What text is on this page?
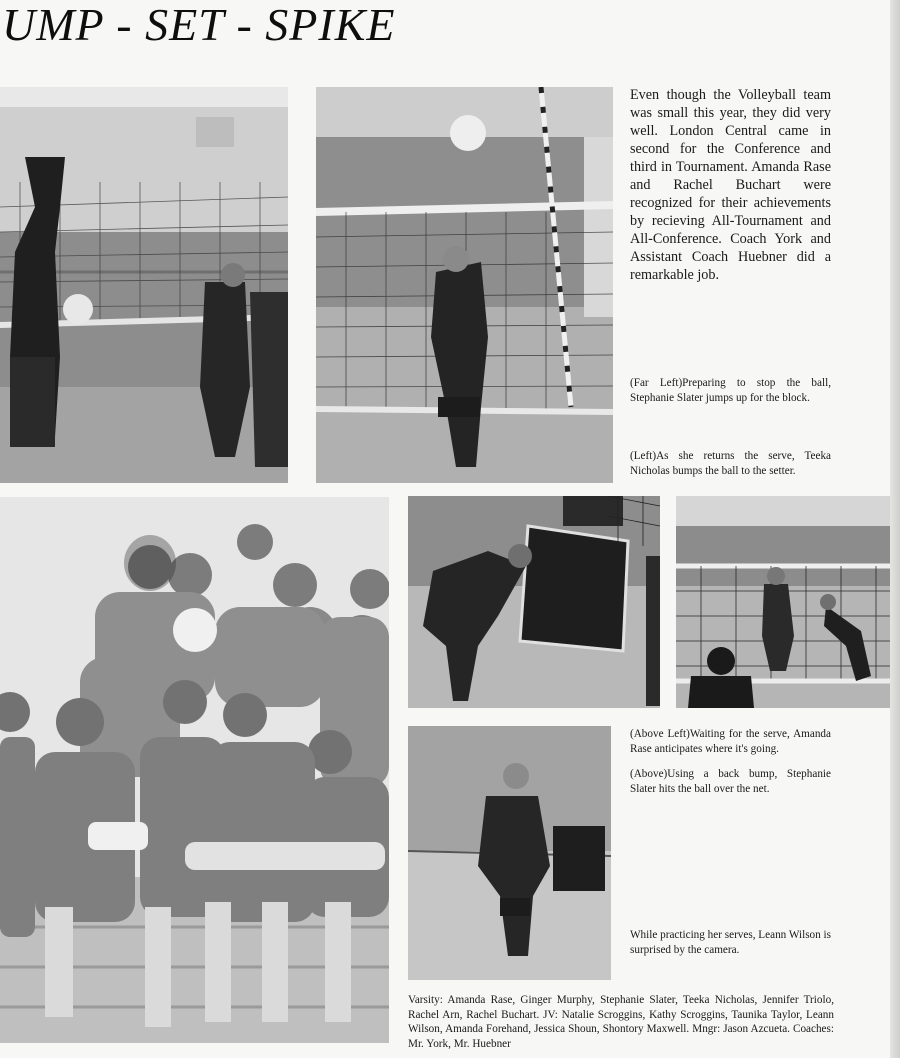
UMP - SET - SPIKE

Even though the Volleyball team was small this year, they did very well. London Central came in second for the Conference and third in Tournament. Amanda Rase and Rachel Buchart were recognized for their achievements by recieving All-Tournament and All-Conference. Coach York and Assistant Coach Huebner did a remarkable job.

(Far Left)Preparing to stop the ball, Stephanie Slater jumps up for the block.

(Left)As she returns the serve, Teeka Nicholas bumps the ball to the setter.

(Above Left)Waiting for the serve, Amanda Rase anticipates where it's going.

(Above)Using a back bump, Stephanie Slater hits the ball over the net.

While practicing her serves, Leann Wilson is surprised by the camera.

Varsity: Amanda Rase, Ginger Murphy, Stephanie Slater, Teeka Nicholas, Jennifer Triolo, Rachel Arn, Rachel Buchart. JV: Natalie Scroggins, Kathy Scroggins, Taunika Taylor, Leann Wilson, Amanda Forehand, Jessica Shoun, Shontory Maxwell. Mngr: Jason Azcueta. Coaches: Mr. York, Mr. Huebner
